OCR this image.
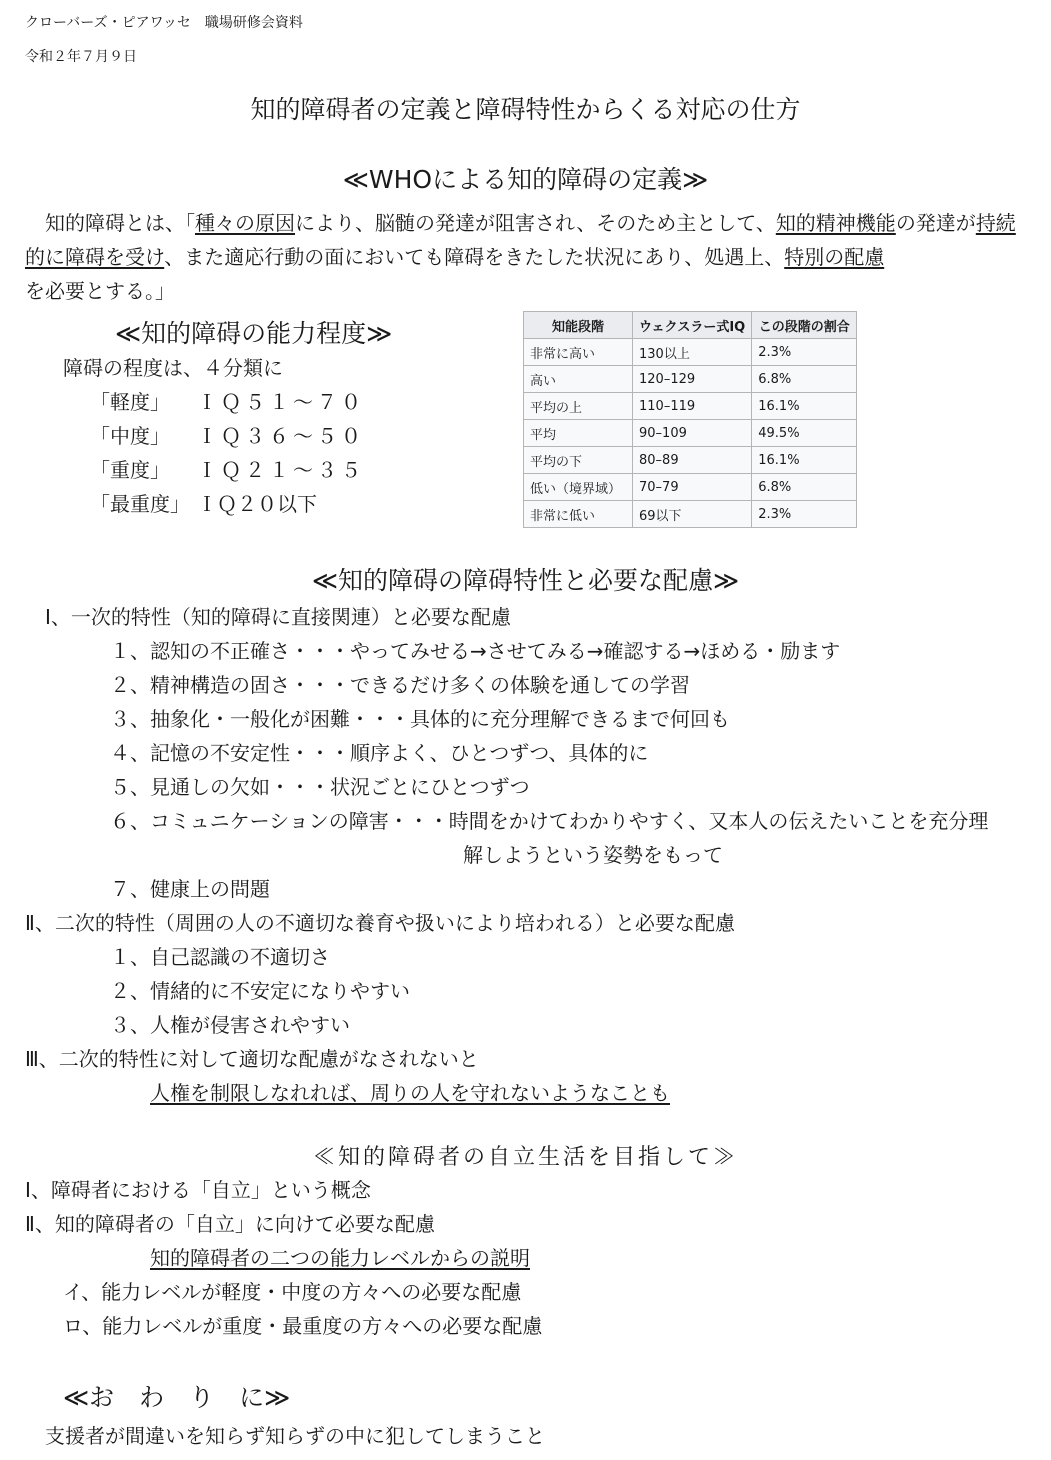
クローバーズ・ピアワッセ　職場研修会資料
令和２年７月９日
知的障碍者の定義と障碍特性からくる対応の仕方
≪WHOによる知的障碍の定義≫
知的障碍とは、「種々の原因により、脳髄の発達が阻害され、そのため主として、知的精神機能の発達が持続的に障碍を受け、また適応行動の面においても障碍をきたした状況にあり、処遇上、特別の配慮を必要とする。」
≪知的障碍の能力程度≫
障碍の程度は、４分類に
「軽度」 ＩＱ５１～７０
「中度」 ＩＱ３６～５０
「重度」 ＩＱ２１～３５
「最重度」 ＩＱ２０以下
知能段階	ウェクスラー式IQ	この段階の割合
非常に高い	130以上	2.3%
高い	120–129	6.8%
平均の上	110–119	16.1%
平均	90–109	49.5%
平均の下	80–89	16.1%
低い（境界域）	70–79	6.8%
非常に低い	69以下	2.3%
≪知的障碍の障碍特性と必要な配慮≫
Ⅰ、一次的特性（知的障碍に直接関連）と必要な配慮
１、認知の不正確さ・・・やってみせる→させてみる→確認する→ほめる・励ます
２、精神構造の固さ・・・できるだけ多くの体験を通しての学習
３、抽象化・一般化が困難・・・具体的に充分理解できるまで何回も
４、記憶の不安定性・・・順序よく、ひとつずつ、具体的に
５、見通しの欠如・・・状況ごとにひとつずつ
６、コミュニケーションの障害・・・時間をかけてわかりやすく、又本人の伝えたいことを充分理
解しようという姿勢をもって
７、健康上の問題
Ⅱ、二次的特性（周囲の人の不適切な養育や扱いにより培われる）と必要な配慮
１、自己認識の不適切さ
２、情緒的に不安定になりやすい
３、人権が侵害されやすい
Ⅲ、二次的特性に対して適切な配慮がなされないと
人権を制限しなれれば、周りの人を守れないようなことも
≪知的障碍者の自立生活を目指して≫
Ⅰ、障碍者における「自立」という概念
Ⅱ、知的障碍者の「自立」に向けて必要な配慮
知的障碍者の二つの能力レベルからの説明
イ、能力レベルが軽度・中度の方々への必要な配慮
ロ、能力レベルが重度・最重度の方々への必要な配慮
≪お　わ　り　に≫
支援者が間違いを知らず知らずの中に犯してしまうこと
